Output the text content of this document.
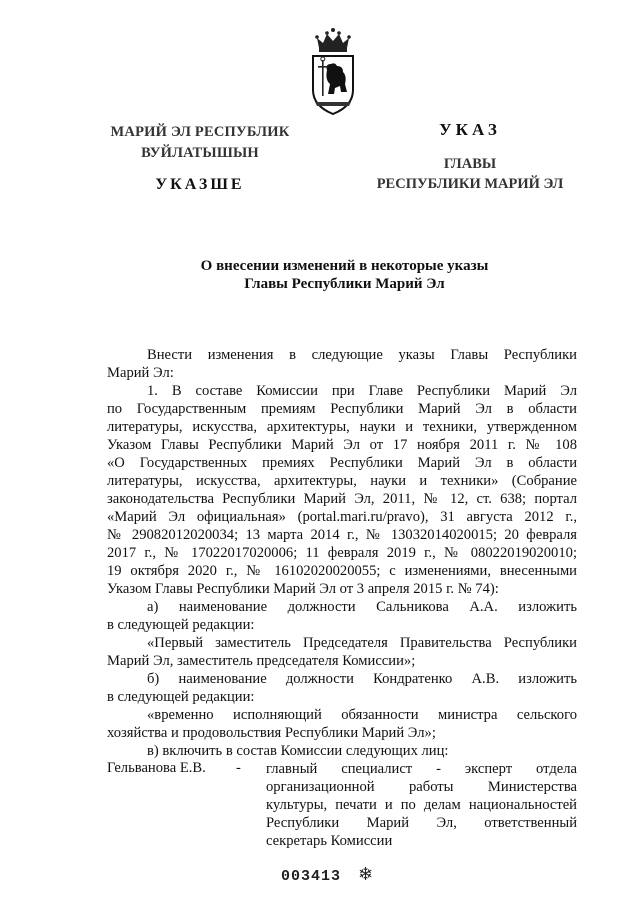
МАРИЙ ЭЛ РЕСПУБЛИК
ВУЙЛАТЫШЫН
УКАЗШЕ
УКАЗ
ГЛАВЫ
РЕСПУБЛИКИ МАРИЙ ЭЛ
О внесении изменений в некоторые указы
Главы Республики Марий Эл
Внести изменения в следующие указы Главы Республики
Марий Эл:
1. В составе Комиссии при Главе Республики Марий Эл
по Государственным премиям Республики Марий Эл в области
литературы, искусства, архитектуры, науки и техники, утвержденном
Указом Главы Республики Марий Эл от 17 ноября 2011 г. № 108
«О Государственных премиях Республики Марий Эл в области
литературы, искусства, архитектуры, науки и техники» (Собрание
законодательства Республики Марий Эл, 2011, № 12, ст. 638; портал
«Марий Эл официальная» (portal.mari.ru/pravo), 31 августа 2012 г.,
№ 29082012020034; 13 марта 2014 г., № 13032014020015; 20 февраля
2017 г., № 17022017020006; 11 февраля 2019 г., № 08022019020010;
19 октября 2020 г., № 16102020020055; с изменениями, внесенными
Указом Главы Республики Марий Эл от 3 апреля 2015 г. № 74):
а) наименование должности Сальникова А.А. изложить
в следующей редакции:
«Первый заместитель Председателя Правительства Республики
Марий Эл, заместитель председателя Комиссии»;
б) наименование должности Кондратенко А.В. изложить
в следующей редакции:
«временно исполняющий обязанности министра сельского
хозяйства и продовольствия Республики Марий Эл»;
в) включить в состав Комиссии следующих лиц:
Гельванова Е.В. - главный специалист - эксперт отдела
организационной работы Министерства
культуры, печати и по делам национальностей
Республики Марий Эл, ответственный
секретарь Комиссии
003413 ❄
